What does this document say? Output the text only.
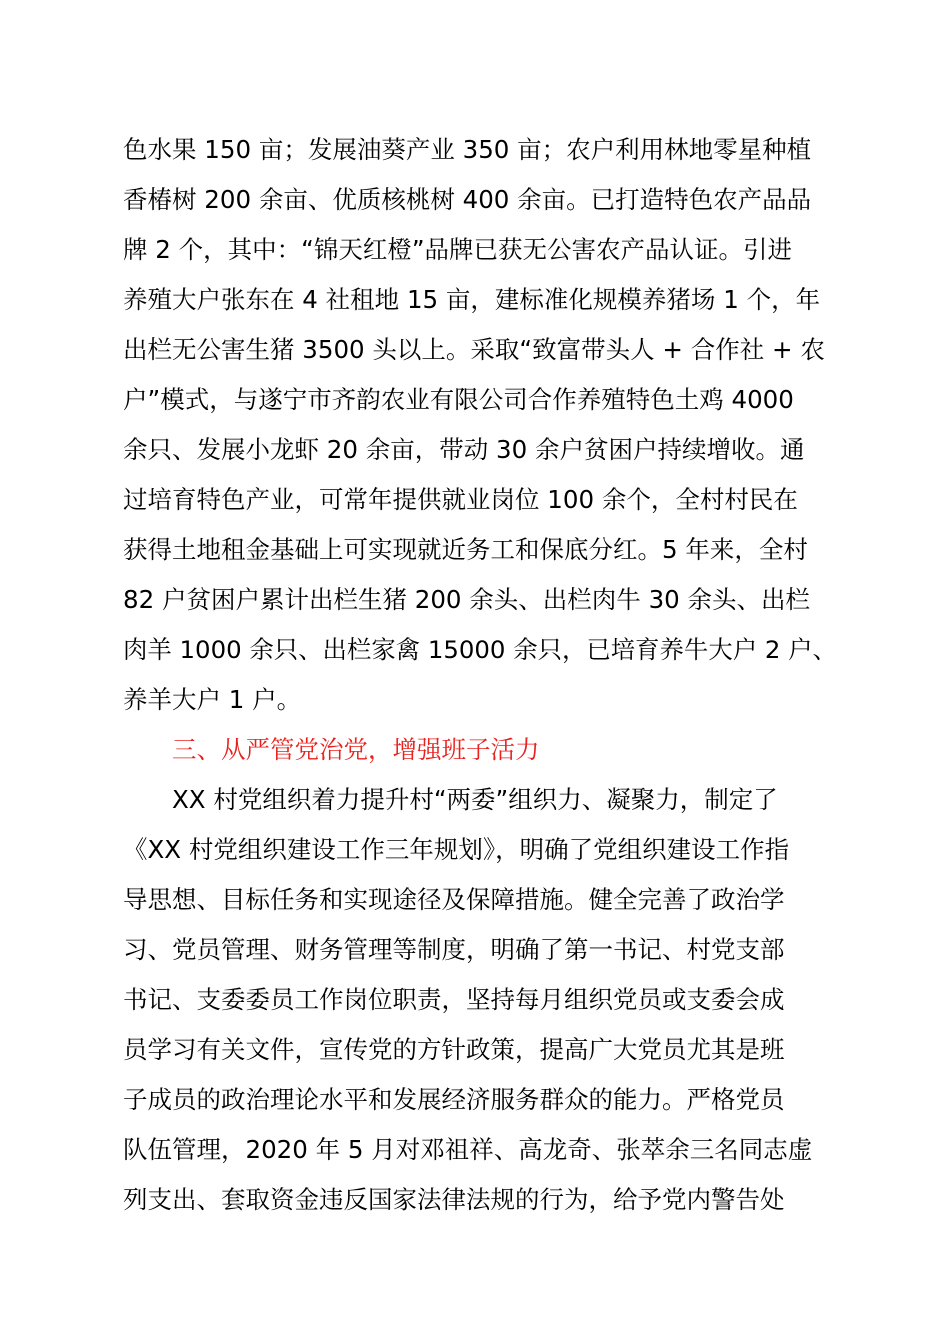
色水果 150 亩；发展油葵产业 350 亩；农户利用林地零星种植
香椿树 200 余亩、优质核桃树 400 余亩。已打造特色农产品品
牌 2 个，其中：“锦天红橙”品牌已获无公害农产品认证。引进
养殖大户张东在 4 社租地 15 亩，建标准化规模养猪场 1 个，年
出栏无公害生猪 3500 头以上。采取“致富带头人 + 合作社 + 农
户”模式，与遂宁市齐韵农业有限公司合作养殖特色土鸡 4000
余只、发展小龙虾 20 余亩，带动 30 余户贫困户持续增收。通
过培育特色产业，可常年提供就业岗位 100 余个，全村村民在
获得土地租金基础上可实现就近务工和保底分红。5 年来，全村
82 户贫困户累计出栏生猪 200 余头、出栏肉牛 30 余头、出栏
肉羊 1000 余只、出栏家禽 15000 余只，已培育养牛大户 2 户、
养羊大户 1 户。
三、从严管党治党，增强班子活力
XX 村党组织着力提升村“两委”组织力、凝聚力，制定了
《XX 村党组织建设工作三年规划》，明确了党组织建设工作指
导思想、目标任务和实现途径及保障措施。健全完善了政治学
习、党员管理、财务管理等制度，明确了第一书记、村党支部
书记、支委委员工作岗位职责，坚持每月组织党员或支委会成
员学习有关文件，宣传党的方针政策，提高广大党员尤其是班
子成员的政治理论水平和发展经济服务群众的能力。严格党员
队伍管理，2020 年 5 月对邓祖祥、高龙奇、张萃余三名同志虚
列支出、套取资金违反国家法律法规的行为，给予党内警告处
